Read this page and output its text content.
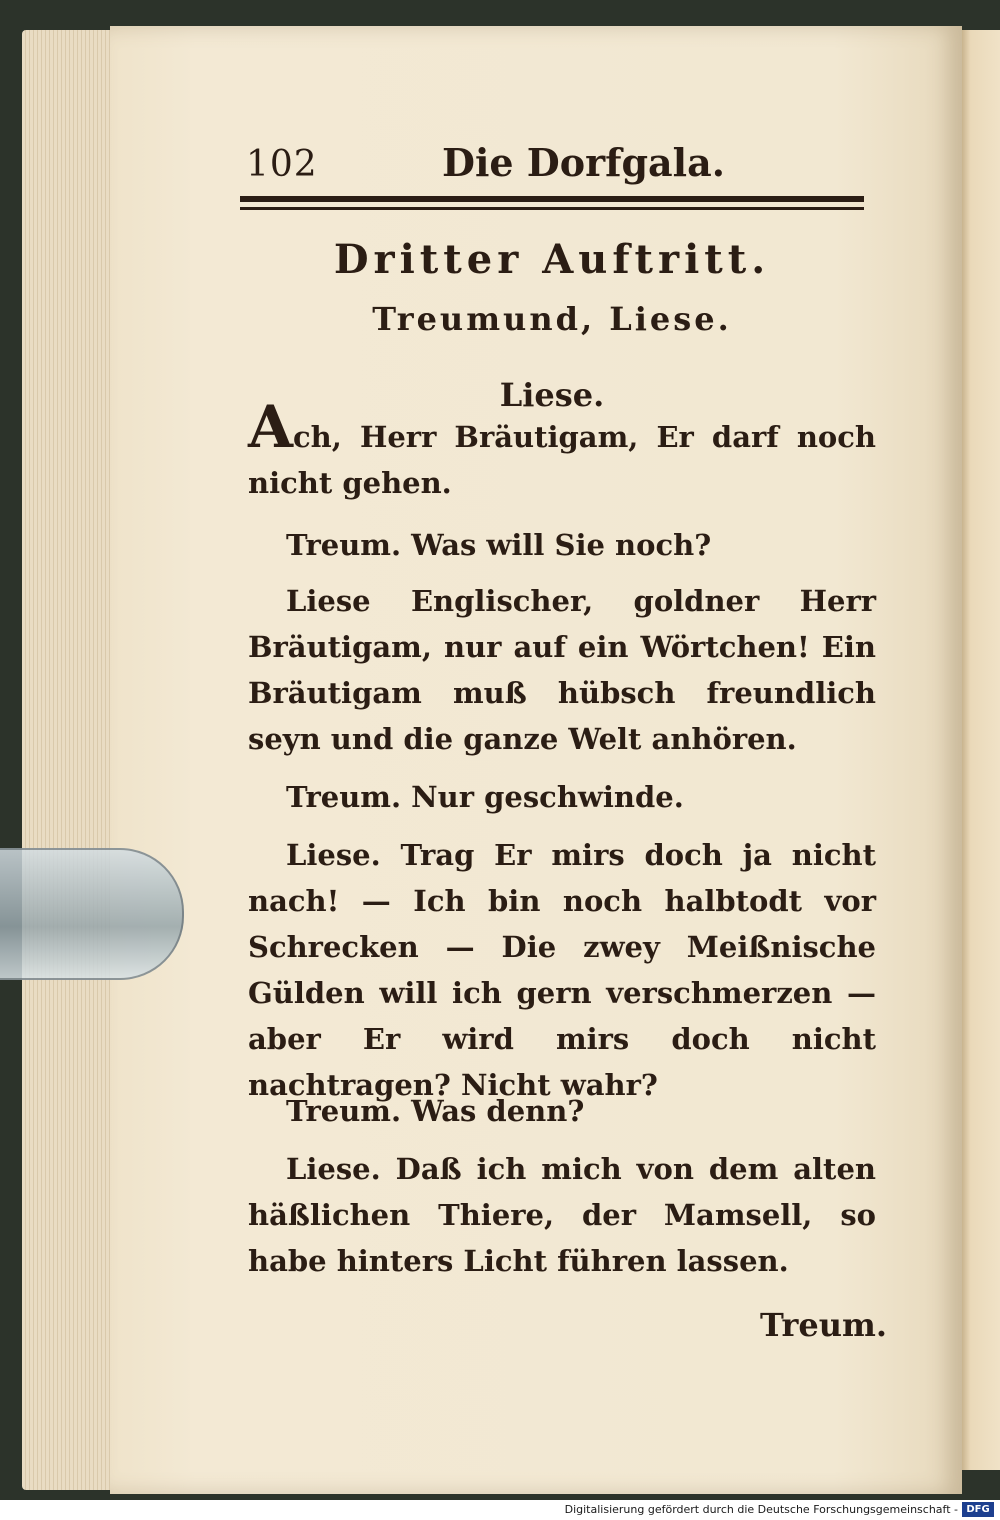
102	Die Dorfgala.
Dritter Auftritt.
Treumund, Liese.
Liese.
Ach, Herr Bräutigam, Er darf noch nicht gehen.
Treum. Was will Sie noch?
Liese Englischer, goldner Herr Bräutigam, nur auf ein Wörtchen! Ein Bräutigam muß hübsch freundlich seyn und die ganze Welt anhören.
Treum. Nur geschwinde.
Liese. Trag Er mirs doch ja nicht nach! — Ich bin noch halbtodt vor Schrecken — Die zwey Meißnische Gülden will ich gern verschmerzen — aber Er wird mirs doch nicht nachtragen? Nicht wahr?
Treum. Was denn?
Liese. Daß ich mich von dem alten häßlichen Thiere, der Mamsell, so habe hinters Licht führen lassen.
Treum.
Digitalisierung gefördert durch die Deutsche Forschungsgemeinschaft - DFG
